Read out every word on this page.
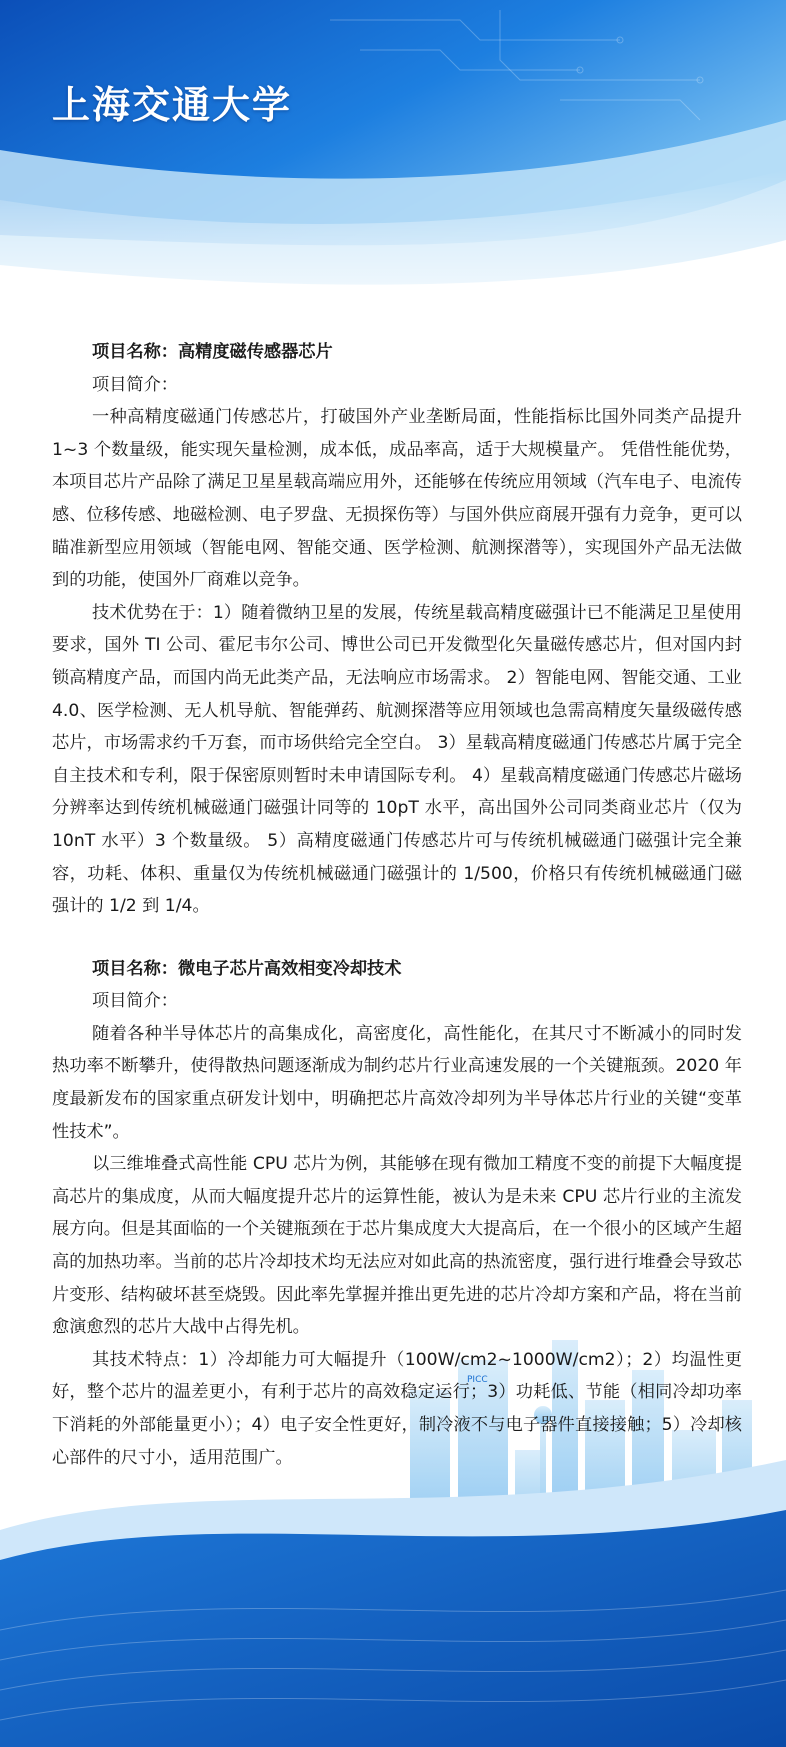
上海交通大学
PICC
项目名称：高精度磁传感器芯片
项目简介：

一种高精度磁通门传感芯片，打破国外产业垄断局面，性能指标比国外同类产品提升 1~3 个数量级，能实现矢量检测，成本低，成品率高，适于大规模量产。 凭借性能优势，本项目芯片产品除了满足卫星星载高端应用外，还能够在传统应用领域（汽车电子、电流传感、位移传感、地磁检测、电子罗盘、无损探伤等）与国外供应商展开强有力竞争，更可以瞄准新型应用领域（智能电网、智能交通、医学检测、航测探潜等），实现国外产品无法做到的功能，使国外厂商难以竞争。

技术优势在于：1）随着微纳卫星的发展，传统星载高精度磁强计已不能满足卫星使用要求，国外 TI 公司、霍尼韦尔公司、博世公司已开发微型化矢量磁传感芯片，但对国内封锁高精度产品，而国内尚无此类产品，无法响应市场需求。 2）智能电网、智能交通、工业 4.0、医学检测、无人机导航、智能弹药、航测探潜等应用领域也急需高精度矢量级磁传感芯片，市场需求约千万套，而市场供给完全空白。 3）星载高精度磁通门传感芯片属于完全自主技术和专利，限于保密原则暂时未申请国际专利。 4）星载高精度磁通门传感芯片磁场分辨率达到传统机械磁通门磁强计同等的 10pT 水平，高出国外公司同类商业芯片（仅为 10nT 水平）3 个数量级。 5）高精度磁通门传感芯片可与传统机械磁通门磁强计完全兼容，功耗、体积、重量仅为传统机械磁通门磁强计的 1/500，价格只有传统机械磁通门磁强计的 1/2 到 1/4。

项目名称：微电子芯片高效相变冷却技术
项目简介：

随着各种半导体芯片的高集成化，高密度化，高性能化，在其尺寸不断减小的同时发热功率不断攀升，使得散热问题逐渐成为制约芯片行业高速发展的一个关键瓶颈。2020 年度最新发布的国家重点研发计划中，明确把芯片高效冷却列为半导体芯片行业的关键“变革性技术”。

以三维堆叠式高性能 CPU 芯片为例，其能够在现有微加工精度不变的前提下大幅度提高芯片的集成度，从而大幅度提升芯片的运算性能，被认为是未来 CPU 芯片行业的主流发展方向。但是其面临的一个关键瓶颈在于芯片集成度大大提高后，在一个很小的区域产生超高的加热功率。当前的芯片冷却技术均无法应对如此高的热流密度，强行进行堆叠会导致芯片变形、结构破坏甚至烧毁。因此率先掌握并推出更先进的芯片冷却方案和产品，将在当前愈演愈烈的芯片大战中占得先机。

其技术特点：1）冷却能力可大幅提升（100W/cm2~1000W/cm2）；2）均温性更好，整个芯片的温差更小，有利于芯片的高效稳定运行；3）功耗低、节能（相同冷却功率下消耗的外部能量更小）；4）电子安全性更好，制冷液不与电子器件直接接触；5）冷却核心部件的尺寸小，适用范围广。
